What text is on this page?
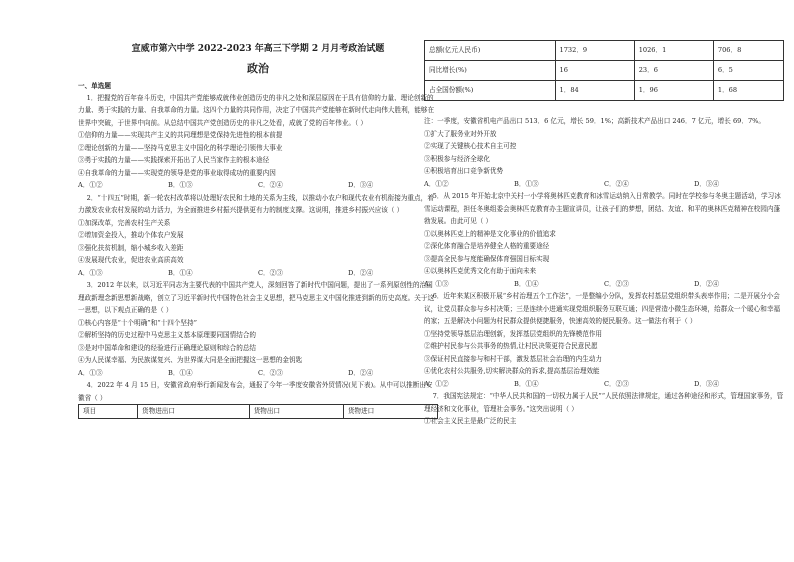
宣威市第六中学 2022-2023 年高三下学期 2 月月考政治试题
政治

一、单选题

1．把握党的百年奋斗历史，中国共产党能够成就伟业创造历史的非凡之处和深层原因在于具有信仰的力量、理论创新的力量、勇于实践的力量、自我革命的力量。这四个力量的共同作用，决定了中国共产党能够在新时代走向伟大胜利，能够在世界中突破，于世界中向前。从总结中国共产党创造历史的非凡之处看，成就了党的百年伟业。（ ）

①信仰的力量——实现共产主义的共同理想是党保持先进性的根本前提

②理论创新的力量——坚持马克思主义中国化的科学理论引领伟大事业

③勇于实践的力量——实践探索开拓出了人民当家作主的根本途径

④自我革命的力量——实现党的领导是党的事业取得成功的重要内因

A．①②	B．①③	C．②④	D．③④

2．“十四五”时期，新一轮农村改革将以处理好农民和土地的关系为主线，以推动小农户和现代农业有机衔接为重点，着力激发农业农村发展的动力活力，为全面推进乡村振兴提供更有力的制度支撑。这说明，推进乡村振兴应该（ ）

①加深改革，完善农村生产关系

②增加资金投入，推动个体农户发展

③强化扶贫机制，缩小城乡收入差距

④发展现代农业，促进农业高质高效

A．①③	B．①④	C．②③	D．②④

3．2012 年以来，以习近平同志为主要代表的中国共产党人，深刻回答了新时代中国问题，提出了一系列原创性的治国理政新理念新思想新战略，创立了习近平新时代中国特色社会主义思想，把马克思主义中国化推进到新的历史高度。关于这一思想，以下观点正确的是（ ）

①核心内容是“十个明确”和“十四个坚持”

②解析坚持的历史过程中马克思主义基本原理要同国情结合的

③是对中国革命和建设的经验进行正确理论原则和综合的总结

④为人民谋幸福、为民族谋复兴、为世界谋大同是全面把握这一思想的金钥匙

A．①③	B．①④	C．②③	D．②④

4．2022 年 4 月 15 日，安徽省政府举行新闻发布会，通报了今年一季度安徽省外贸情况(见下表)。从中可以推断出安徽省（ ）

项目	货物进出口	货物出口	货物进口
总额(亿元人民币)	1732．9	1026．1	706．8
同比增长(%)	16	23．6	6．5
占全国份额(%)	1．84	1．96	1．68

注：一季度，安徽省机电产品出口 513．6 亿元，增长 59．1%；高新技术产品出口 246．7 亿元，增长 69．7%。

①扩大了服务业对外开放

②实现了关键核心技术自主可控

③积极参与经济全球化

④积极培育出口竞争新优势

A．①②	B．①③	C．②④	D．③④

5．从 2015 年开始北京中关村一小学将奥林匹克教育和冰雪运动纳入日常教学。同时在学校参与冬奥主题活动，学习冰雪运动课程，担任冬奥组委会奥林匹克教育办主题宣讲员，让孩子们的梦想，团结、友谊、和平的奥林匹克精神在校园内蓬勃发展。由此可见（ ）

①以奥林匹克上的精神是文化事业的价值追求

②深化体育融合是培养健全人格的重要途径

③提高全民参与度能确保体育强国目标实现

④以奥林匹克优秀文化有助于面向未来

A．①③	B．①④	C．②③	D．②④

6．近年来某区积极开展“乡村治理五个工作法”，一是整编小分队，发挥农村基层党组织带头表率作用；二是开展分小会议，让党员群众参与乡村决策；三是连续小进通实现党组织服务互联互通；四是营造小微生态环境，给群众一个暖心和幸福的家；五是解决小问题为村民群众提供便捷服务，快速高效的便民服务。这一做法有利于（ ）

①坚持党领导基层治理创新，发挥基层党组织的先锋模范作用

②维护村民参与公共事务的热情,让村民决策更符合民意民愿

③保证村民直接参与和村干部，激发基层社会治理的内生动力

④优化农村公共服务,切实解决群众的诉求,提高基层治理效能

A．①②	B．①④	C．②③	D．③④

7．我国宪法规定：“中华人民共和国的一切权力属于人民”“人民依照法律规定，通过各种途径和形式，管理国家事务，管理经济和文化事业，管理社会事务。”这突出说明（ ）

①社会主义民主是最广泛的民主
